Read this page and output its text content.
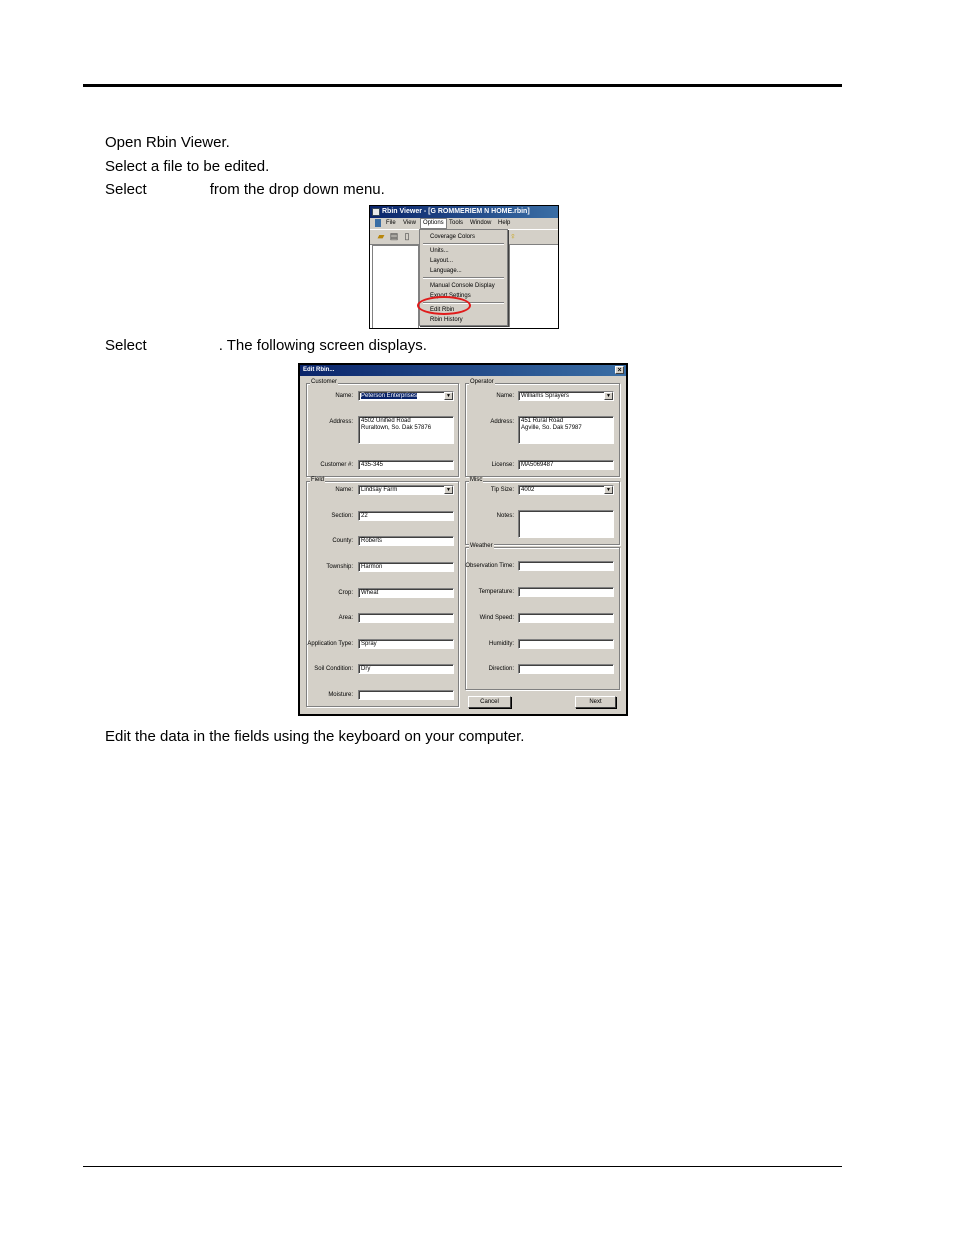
Open Rbin Viewer.
Select a file to be edited.
Select	from the drop down menu.
Rbin Viewer - [G ROMMERIEM N HOME.rbin]
File View	Options Tools Window Help
▰ ▤ ▯	♀
Coverage Colors
Units...
Layout...
Language...
Manual Console Display
Export Settings
Edit Rbin
Rbin History
Select	. The following screen displays.
Edit Rbin...	×
Customer
Name:	Peterson Enterprises	▼
Address:	4502 Unified Road
Ruraltown, So. Dak 57876
Customer #:	435-345
Operator
Name:	Williams Sprayers	▼
Address:	451 Rural Road
Agville, So. Dak 57987
License:	MA5069487
Field
Name:	Lindsay Farm	▼
Section:	22
County:	Roberts
Township:	Harmon
Crop:	Wheat
Area:
Application Type:	Spray
Soil Condition:	Dry
Moisture:
Misc
Tip Size:	4002	▼
Notes:
Weather
Observation Time:
Temperature:
Wind Speed:
Humidity:
Direction:
Cancel	Next
Edit the data in the fields using the keyboard on your computer.
